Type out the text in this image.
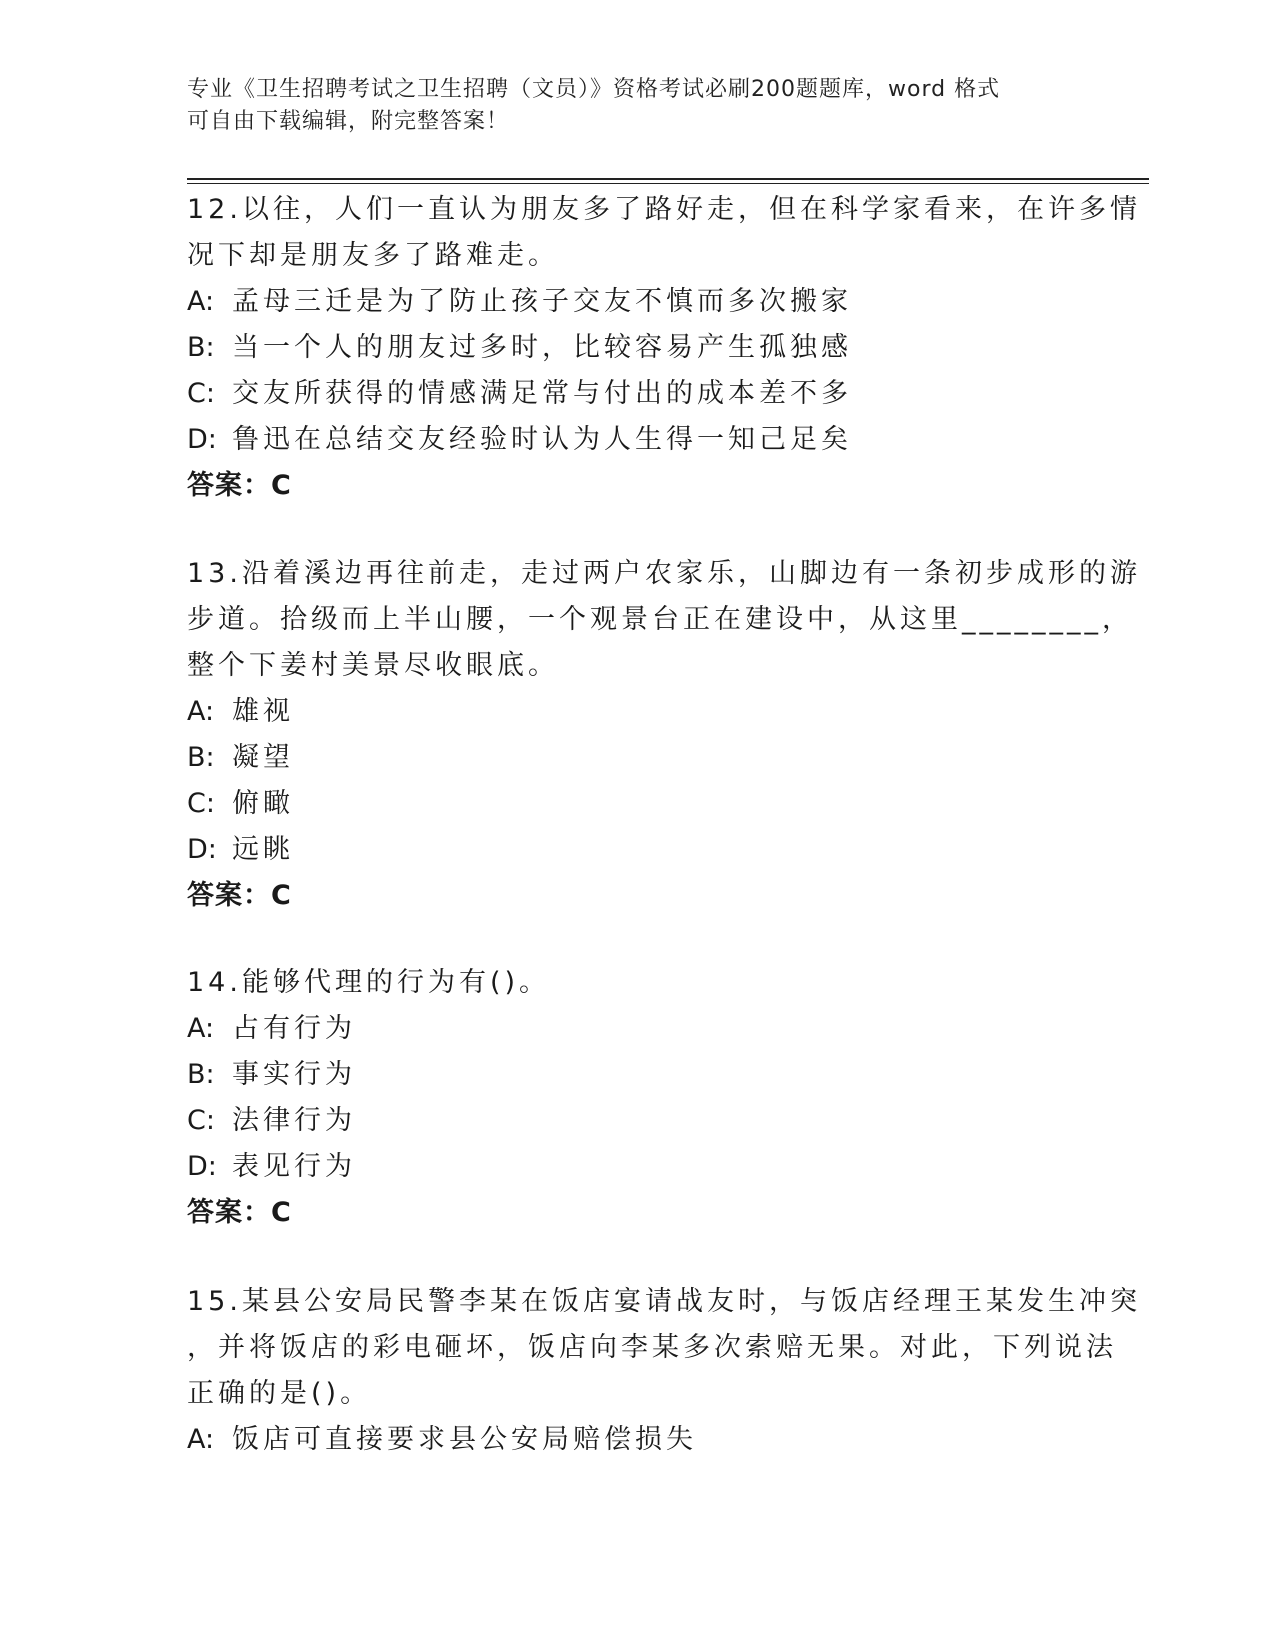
专业《卫生招聘考试之卫生招聘（文员）》资格考试必刷200题题库，word 格式
可自由下载编辑，附完整答案！
12.以往，人们一直认为朋友多了路好走，但在科学家看来，在许多情
况下却是朋友多了路难走。
A: 孟母三迁是为了防止孩子交友不慎而多次搬家
B: 当一个人的朋友过多时，比较容易产生孤独感
C: 交友所获得的情感满足常与付出的成本差不多
D: 鲁迅在总结交友经验时认为人生得一知己足矣
答案：C
13.沿着溪边再往前走，走过两户农家乐，山脚边有一条初步成形的游
步道。拾级而上半山腰，一个观景台正在建设中，从这里________，
整个下姜村美景尽收眼底。
A: 雄视
B: 凝望
C: 俯瞰
D: 远眺
答案：C
14.能够代理的行为有()。
A: 占有行为
B: 事实行为
C: 法律行为
D: 表见行为
答案：C
15.某县公安局民警李某在饭店宴请战友时，与饭店经理王某发生冲突
，并将饭店的彩电砸坏，饭店向李某多次索赔无果。对此，下列说法
正确的是()。
A: 饭店可直接要求县公安局赔偿损失
